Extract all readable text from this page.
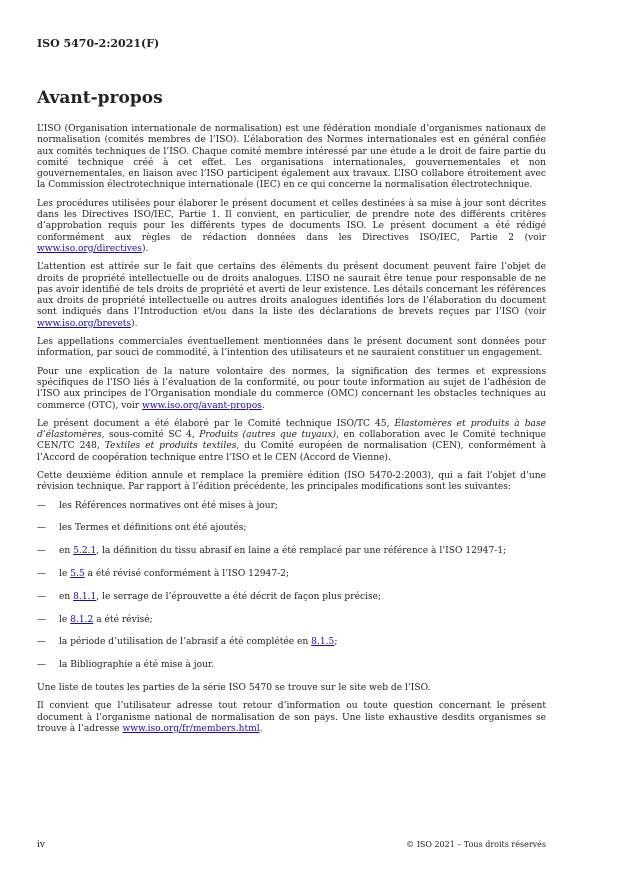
ISO 5470-2:2021(F)
Avant-propos

L’ISO (Organisation internationale de normalisation) est une fédération mondiale d’organismes nationaux de normalisation (comités membres de l’ISO). L’élaboration des Normes internationales est en général confiée aux comités techniques de l’ISO. Chaque comité membre intéressé par une étude a le droit de faire partie du comité technique créé à cet effet. Les organisations internationales, gouvernementales et non gouvernementales, en liaison avec l’ISO participent également aux travaux. L’ISO collabore étroitement avec la Commission électrotechnique internationale (IEC) en ce qui concerne la normalisation électrotechnique.

Les procédures utilisées pour élaborer le présent document et celles destinées à sa mise à jour sont décrites dans les Directives ISO/IEC, Partie 1. Il convient, en particulier, de prendre note des différents critères d’approbation requis pour les différents types de documents ISO. Le présent document a été rédigé conformément aux règles de rédaction données dans les Directives ISO/IEC, Partie 2 (voir www.iso.org/directives).

L’attention est attirée sur le fait que certains des éléments du présent document peuvent faire l’objet de droits de propriété intellectuelle ou de droits analogues. L’ISO ne saurait être tenue pour responsable de ne pas avoir identifié de tels droits de propriété et averti de leur existence. Les détails concernant les références aux droits de propriété intellectuelle ou autres droits analogues identifiés lors de l’élaboration du document sont indiqués dans l’Introduction et/ou dans la liste des déclarations de brevets reçues par l’ISO (voir www.iso.org/brevets).

Les appellations commerciales éventuellement mentionnées dans le présent document sont données pour information, par souci de commodité, à l’intention des utilisateurs et ne sauraient constituer un engagement.

Pour une explication de la nature volontaire des normes, la signification des termes et expressions spécifiques de l’ISO liés à l’évaluation de la conformité, ou pour toute information au sujet de l’adhésion de l’ISO aux principes de l’Organisation mondiale du commerce (OMC) concernant les obstacles techniques au commerce (OTC), voir www.iso.org/avant-propos.

Le présent document a été élaboré par le Comité technique ISO/TC 45, Élastomères et produits à base d’élastomères, sous-comité SC 4, Produits (autres que tuyaux), en collaboration avec le Comité technique CEN/TC 248, Textiles et produits textiles, du Comité européen de normalisation (CEN), conformément à l’Accord de coopération technique entre l’ISO et le CEN (Accord de Vienne).

Cette deuxième édition annule et remplace la première édition (ISO 5470-2:2003), qui a fait l’objet d’une révision technique. Par rapport à l’édition précédente, les principales modifications sont les suivantes:

—	les Références normatives ont été mises à jour;
—	les Termes et définitions ont été ajoutés;
—	en 5.2.1, la définition du tissu abrasif en laine a été remplacé par une référence à l’ISO 12947-1;
—	le 5.5 a été révisé conformément à l’ISO 12947-2;
—	en 8.1.1, le serrage de l’éprouvette a été décrit de façon plus précise;
—	le 8.1.2 a été révisé;
—	la période d’utilisation de l’abrasif a été complétée en 8.1.5;
—	la Bibliographie a été mise à jour.

Une liste de toutes les parties de la série ISO 5470 se trouve sur le site web de l’ISO.

Il convient que l’utilisateur adresse tout retour d’information ou toute question concernant le présent document à l’organisme national de normalisation de son pays. Une liste exhaustive desdits organismes se trouve à l’adresse www.iso.org/fr/members.html.

iv	© ISO 2021 – Tous droits réservés
